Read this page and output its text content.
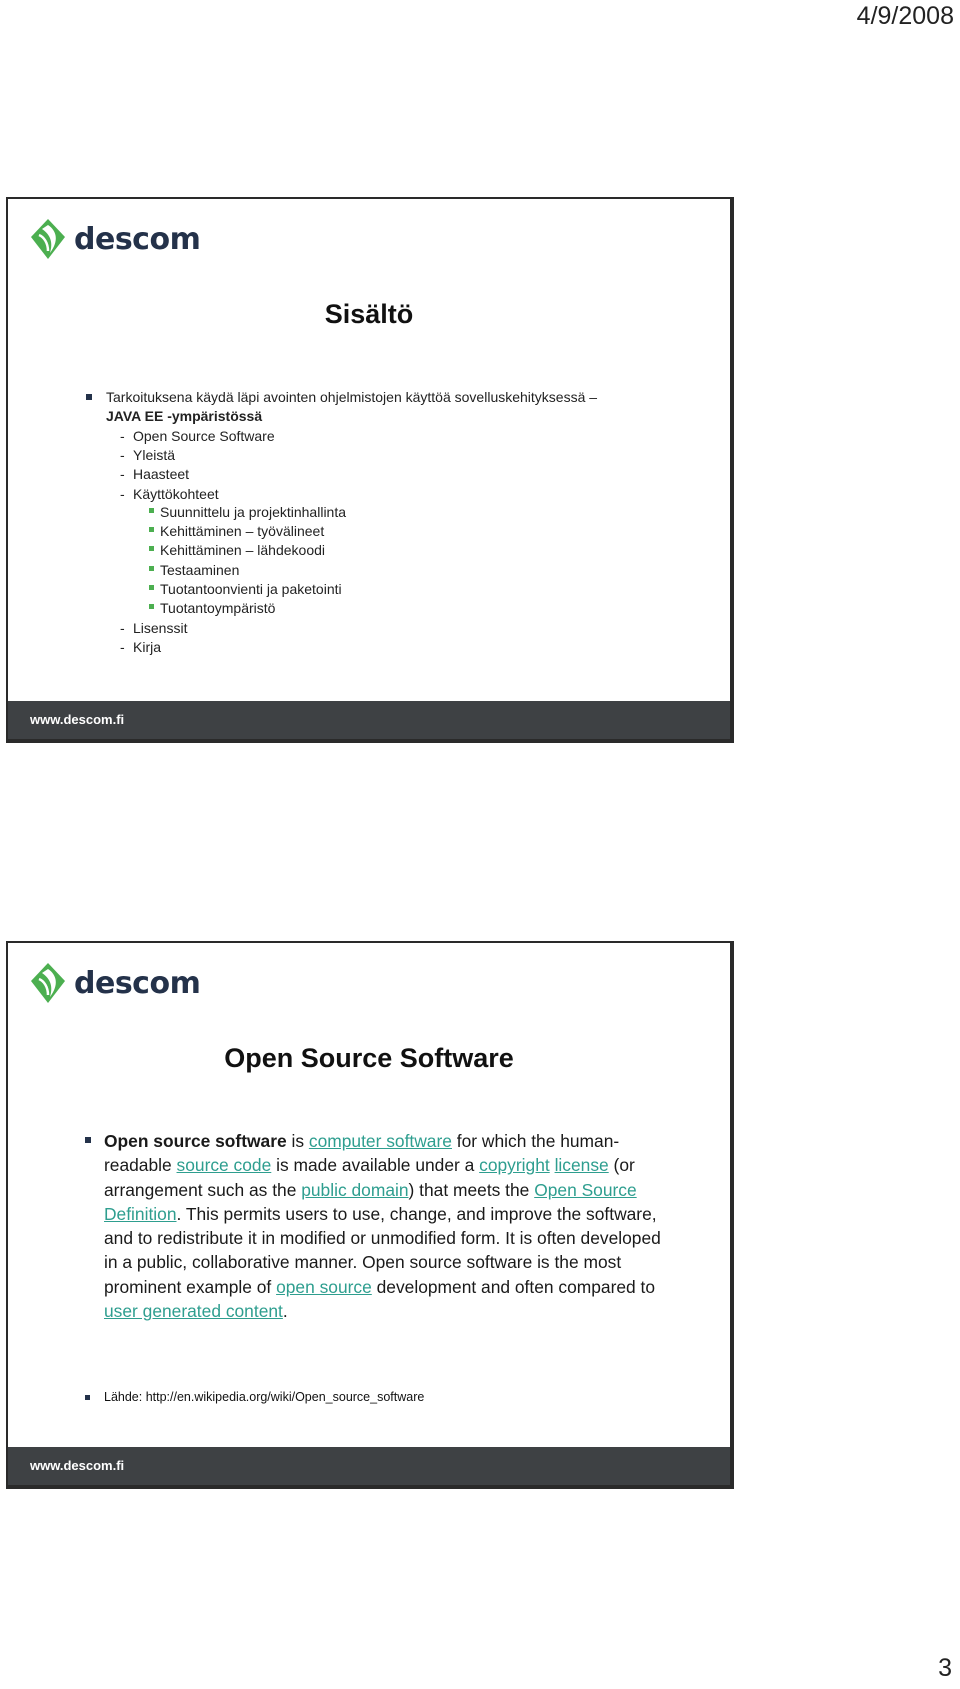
4/9/2008
descom
Sisältö
Tarkoituksena käydä läpi avointen ohjelmistojen käyttöä sovelluskehityksessä –
JAVA EE -ympäristössä
- Open Source Software
- Yleistä
- Haasteet
- Käyttökohteet
Suunnittelu ja projektinhallinta
Kehittäminen – työvälineet
Kehittäminen – lähdekoodi
Testaaminen
Tuotantoonvienti ja paketointi
Tuotantoympäristö
- Lisenssit
- Kirja
www.descom.fi
descom
Open Source Software
Open source software is computer software for which the human-readable source code is made available under a copyright license (or arrangement such as the public domain) that meets the Open Source Definition. This permits users to use, change, and improve the software, and to redistribute it in modified or unmodified form. It is often developed in a public, collaborative manner. Open source software is the most prominent example of open source development and often compared to user generated content.
Lähde: http://en.wikipedia.org/wiki/Open_source_software
www.descom.fi
3
